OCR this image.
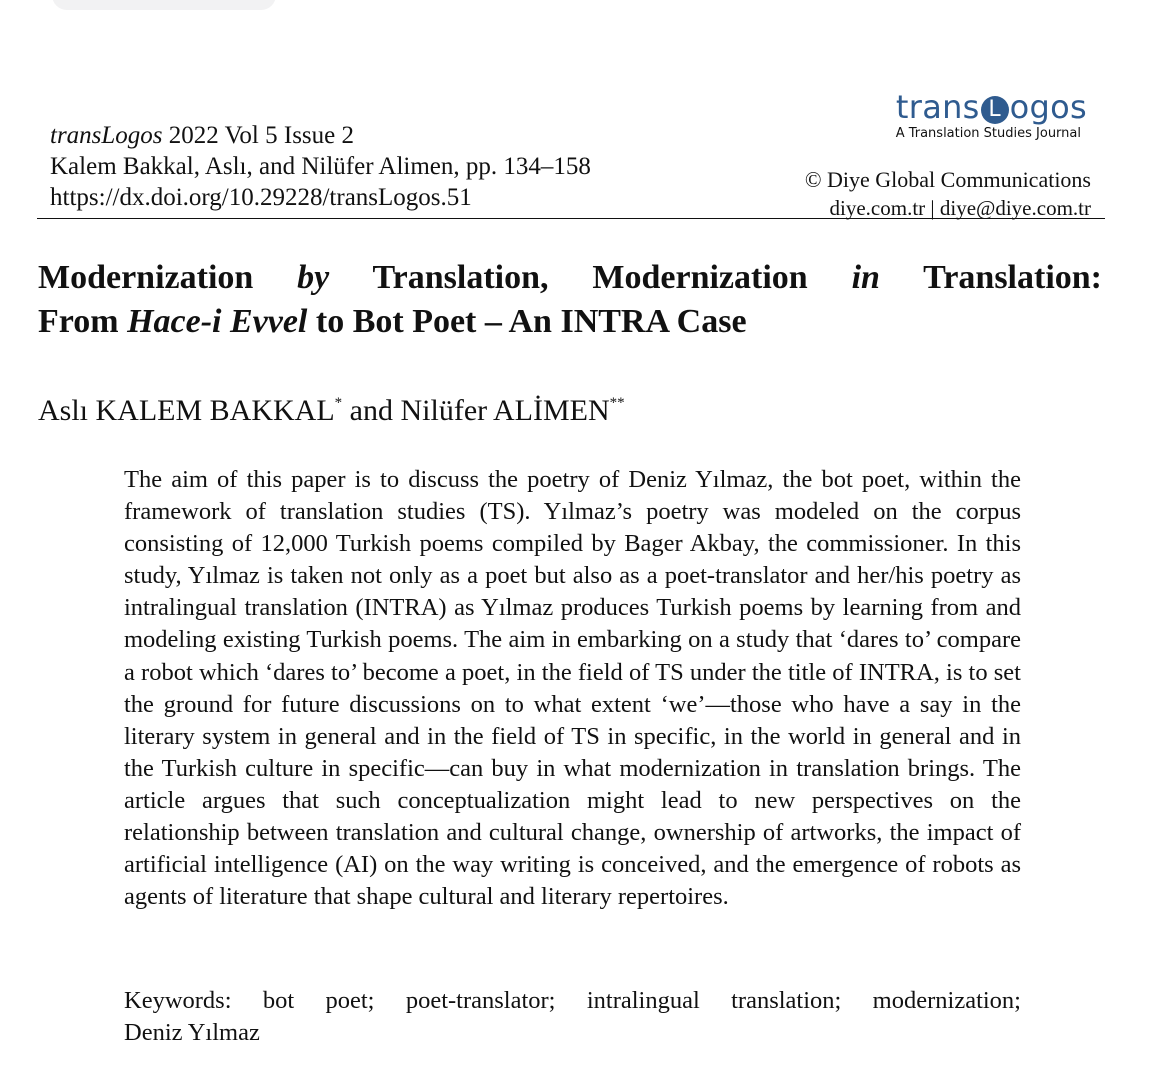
transLogos 2022 Vol 5 Issue 2
Kalem Bakkal, Aslı, and Nilüfer Alimen, pp. 134–158
https://dx.doi.org/10.29228/transLogos.51
trans L ogos
A Translation Studies Journal
© Diye Global Communications
diye.com.tr | diye@diye.com.tr
Modernization by Translation, Modernization in Translation:
From Hace-i Evvel to Bot Poet – An INTRA Case
Aslı KALEM BAKKAL* and Nilüfer ALİMEN**
The aim of this paper is to discuss the poetry of Deniz Yılmaz, the bot poet, within the framework of translation studies (TS). Yılmaz’s poetry was modeled on the corpus consisting of 12,000 Turkish poems compiled by Bager Akbay, the commissioner. In this study, Yılmaz is taken not only as a poet but also as a poet-translator and her/his poetry as intralingual translation (INTRA) as Yılmaz produces Turkish poems by learning from and modeling existing Turkish poems. The aim in embarking on a study that ‘dares to’ compare a robot which ‘dares to’ become a poet, in the field of TS under the title of INTRA, is to set the ground for future discussions on to what extent ‘we’—those who have a say in the literary system in general and in the field of TS in specific, in the world in general and in the Turkish culture in specific—can buy in what modernization in translation brings. The article argues that such conceptualization might lead to new perspectives on the relationship between translation and cultural change, ownership of artworks, the impact of artificial intelligence (AI) on the way writing is conceived, and the emergence of robots as agents of literature that shape cultural and literary repertoires.
Keywords: bot poet; poet-translator; intralingual translation; modernization;
Deniz Yılmaz
